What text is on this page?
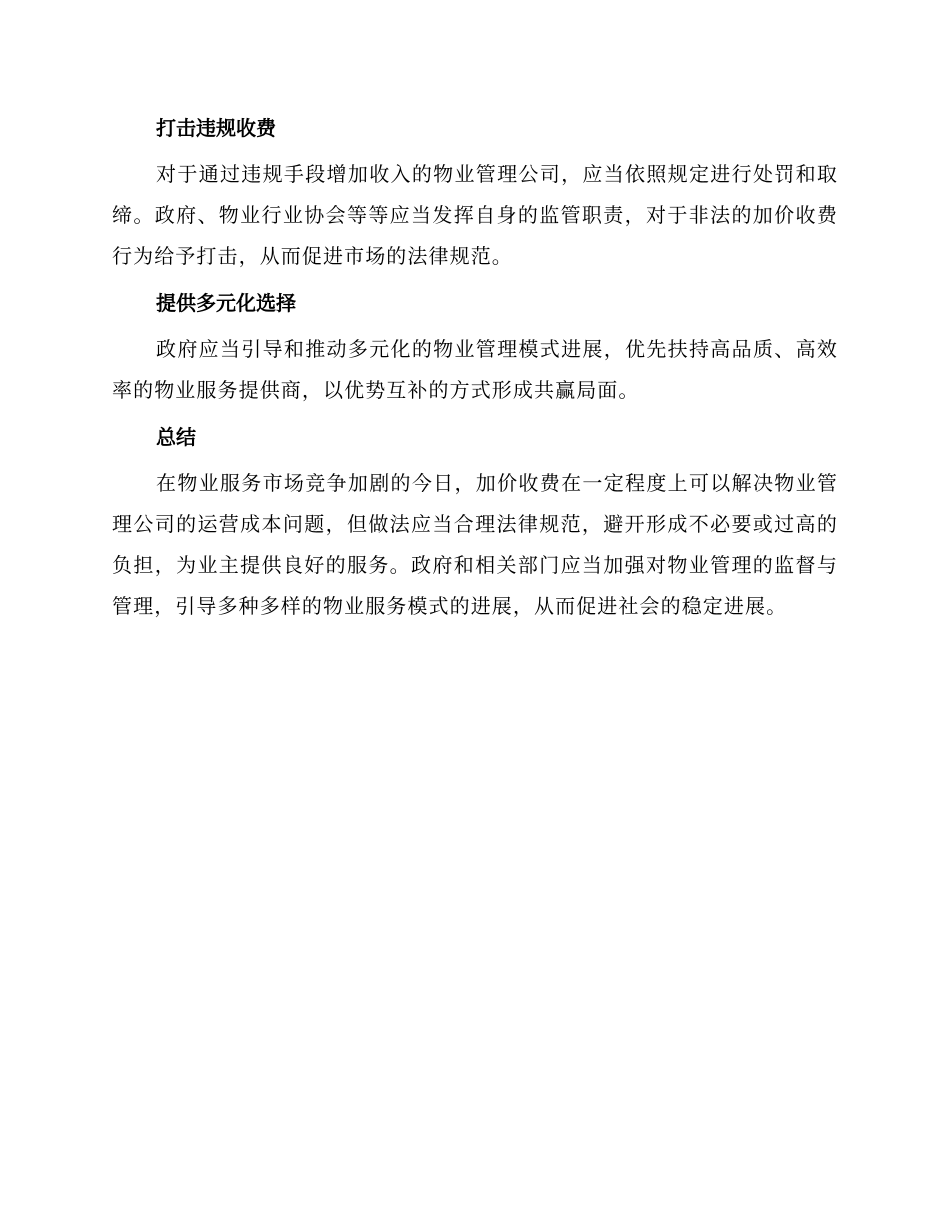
打击违规收费

对于通过违规手段增加收入的物业管理公司，应当依照规定进行处罚和取缔。政府、物业行业协会等等应当发挥自身的监管职责，对于非法的加价收费行为给予打击，从而促进市场的法律规范。

提供多元化选择

政府应当引导和推动多元化的物业管理模式进展，优先扶持高品质、高效率的物业服务提供商，以优势互补的方式形成共赢局面。

总结

在物业服务市场竞争加剧的今日，加价收费在一定程度上可以解决物业管理公司的运营成本问题，但做法应当合理法律规范，避开形成不必要或过高的负担，为业主提供良好的服务。政府和相关部门应当加强对物业管理的监督与管理，引导多种多样的物业服务模式的进展，从而促进社会的稳定进展。
